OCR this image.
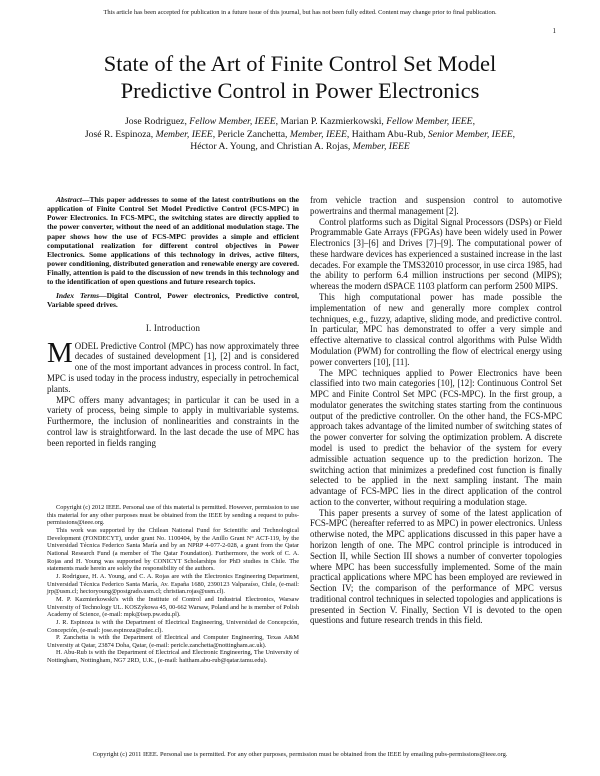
This article has been accepted for publication in a future issue of this journal, but has not been fully edited. Content may change prior to final publication.
1
State of the Art of Finite Control Set Model
Predictive Control in Power Electronics
Jose Rodriguez, Fellow Member, IEEE, Marian P. Kazmierkowski, Fellow Member, IEEE,
José R. Espinoza, Member, IEEE, Pericle Zanchetta, Member, IEEE, Haitham Abu-Rub, Senior Member, IEEE,
Héctor A. Young, and Christian A. Rojas, Member, IEEE

Abstract—This paper addresses to some of the latest contributions on the application of Finite Control Set Model Predictive Control (FCS-MPC) in Power Electronics. In FCS-MPC, the switching states are directly applied to the power converter, without the need of an additional modulation stage. The paper shows how the use of FCS-MPC provides a simple and efficient computational realization for different control objectives in Power Electronics. Some applications of this technology in drives, active filters, power conditioning, distributed generation and renewable energy are covered. Finally, attention is paid to the discussion of new trends in this technology and to the identification of open questions and future research topics.

Index Terms—Digital Control, Power electronics, Predictive control, Variable speed drives.

I. Introduction

MODEL Predictive Control (MPC) has now approximately three decades of sustained development [1], [2] and is considered one of the most important advances in process control. In fact, MPC is used today in the process industry, especially in petrochemical plants.

MPC offers many advantages; in particular it can be used in a variety of process, being simple to apply in multivariable systems. Furthermore, the inclusion of nonlinearities and constraints in the control law is straightforward. In the last decade the use of MPC has been reported in fields ranging

Copyright (c) 2012 IEEE. Personal use of this material is permitted. However, permission to use this material for any other purposes must be obtained from the IEEE by sending a request to pubs-permissions@ieee.org.

This work was supported by the Chilean National Fund for Scientific and Technological Development (FONDECYT), under grant No. 1100404, by the Anillo Grant N° ACT-119, by the Universidad Técnica Federico Santa María and by an NPRP 4-077-2-028, a grant from the Qatar National Research Fund (a member of The Qatar Foundation). Furthermore, the work of C. A. Rojas and H. Young was supported by CONICYT Scholarships for PhD studies in Chile. The statements made herein are solely the responsibility of the authors.

J. Rodriguez, H. A. Young, and C. A. Rojas are with the Electronics Engineering Department, Universidad Técnica Federico Santa María, Av. España 1680, 2390123 Valparaíso, Chile, (e-mail: jrp@usm.cl; hectoryoung@postgrado.usm.cl; christian.rojas@usm.cl).

M. P. Kazmierkowski's with the Institute of Control and Industrial Electronics, Warsaw University of Technology UL. KOSZykowa 45, 00-662 Warsaw, Poland and he is member of Polish Academy of Science, (e-mail: mpk@isep.pw.edu.pl).

J. R. Espinoza is with the Department of Electrical Engineering, Universidad de Concepción, Concepción, (e-mail: jose.espinoza@udec.cl).

P. Zanchetta is with the Department of Electrical and Computer Engineering, Texas A&M University at Qatar, 23874 Doha, Qatar, (e-mail: pericle.zanchetta@nottingham.ac.uk).

H. Abu-Rub is with the Department of Electrical and Electronic Engineering, The University of Nottingham, Nottingham, NG7 2RD, U.K., (e-mail: haitham.abu-rub@qatar.tamu.edu).

from vehicle traction and suspension control to automotive powertrains and thermal management [2].

Control platforms such as Digital Signal Processors (DSPs) or Field Programmable Gate Arrays (FPGAs) have been widely used in Power Electronics [3]–[6] and Drives [7]–[9]. The computational power of these hardware devices has experienced a sustained increase in the last decades. For example the TMS32010 processor, in use circa 1985, had the ability to perform 6.4 million instructions per second (MIPS); whereas the modern dSPACE 1103 platform can perform 2500 MIPS.

This high computational power has made possible the implementation of new and generally more complex control techniques, e.g., fuzzy, adaptive, sliding mode, and predictive control. In particular, MPC has demonstrated to offer a very simple and effective alternative to classical control algorithms with Pulse Width Modulation (PWM) for controlling the flow of electrical energy using power converters [10], [11].

The MPC techniques applied to Power Electronics have been classified into two main categories [10], [12]: Continuous Control Set MPC and Finite Control Set MPC (FCS-MPC). In the first group, a modulator generates the switching states starting from the continuous output of the predictive controller. On the other hand, the FCS-MPC approach takes advantage of the limited number of switching states of the power converter for solving the optimization problem. A discrete model is used to predict the behavior of the system for every admissible actuation sequence up to the prediction horizon. The switching action that minimizes a predefined cost function is finally selected to be applied in the next sampling instant. The main advantage of FCS-MPC lies in the direct application of the control action to the converter, without requiring a modulation stage.

This paper presents a survey of some of the latest application of FCS-MPC (hereafter referred to as MPC) in power electronics. Unless otherwise noted, the MPC applications discussed in this paper have a horizon length of one. The MPC control principle is introduced in Section II, while Section III shows a number of converter topologies where MPC has been successfully implemented. Some of the main practical applications where MPC has been employed are reviewed in Section IV; the comparison of the performance of MPC versus traditional control techniques in selected topologies and applications is presented in Section V. Finally, Section VI is devoted to the open questions and future research trends in this field.

Copyright (c) 2011 IEEE. Personal use is permitted. For any other purposes, permission must be obtained from the IEEE by emailing pubs-permissions@ieee.org.
